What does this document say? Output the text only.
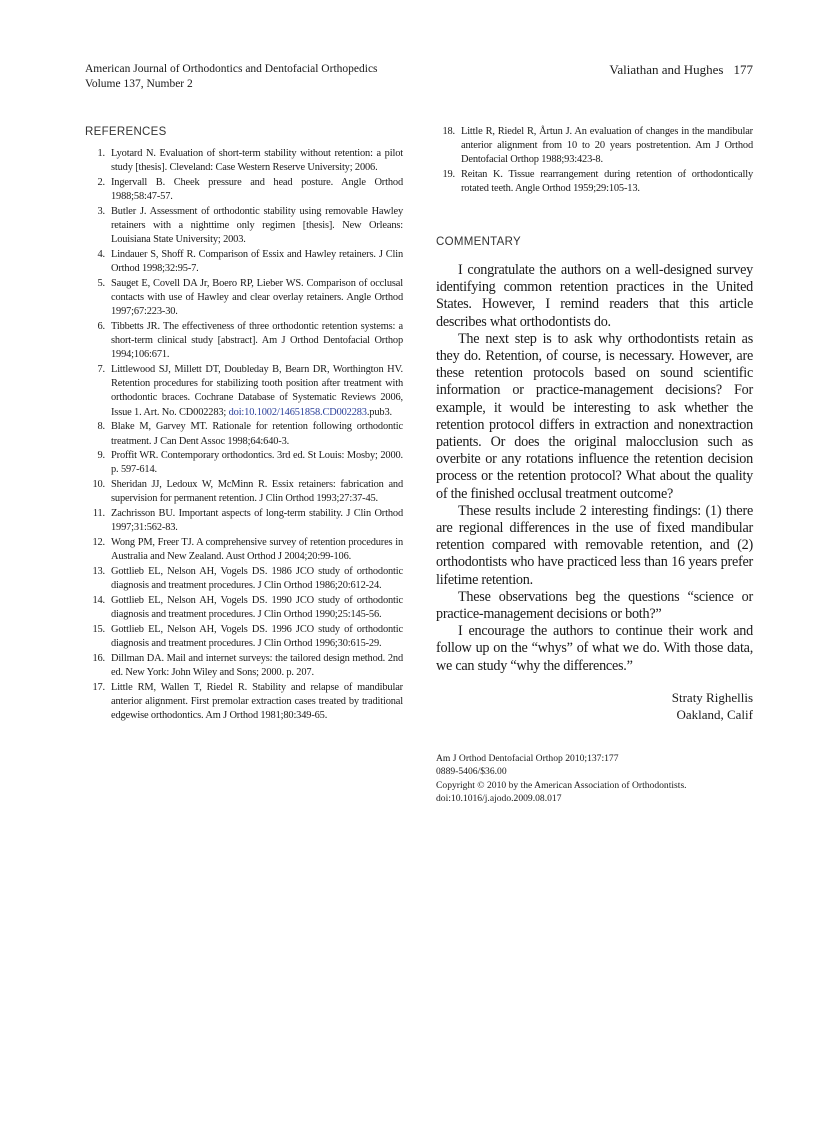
American Journal of Orthodontics and Dentofacial Orthopedics
Volume 137, Number 2
Valiathan and Hughes 177
REFERENCES
1. Lyotard N. Evaluation of short-term stability without retention: a pilot study [thesis]. Cleveland: Case Western Reserve University; 2006.
2. Ingervall B. Cheek pressure and head posture. Angle Orthod 1988;58:47-57.
3. Butler J. Assessment of orthodontic stability using removable Hawley retainers with a nighttime only regimen [thesis]. New Orleans: Louisiana State University; 2003.
4. Lindauer S, Shoff R. Comparison of Essix and Hawley retainers. J Clin Orthod 1998;32:95-7.
5. Sauget E, Covell DA Jr, Boero RP, Lieber WS. Comparison of occlusal contacts with use of Hawley and clear overlay retainers. Angle Orthod 1997;67:223-30.
6. Tibbetts JR. The effectiveness of three orthodontic retention systems: a short-term clinical study [abstract]. Am J Orthod Dentofacial Orthop 1994;106:671.
7. Littlewood SJ, Millett DT, Doubleday B, Bearn DR, Worthington HV. Retention procedures for stabilizing tooth position after treatment with orthodontic braces. Cochrane Database of Systematic Reviews 2006, Issue 1. Art. No. CD002283; doi:10.1002/14651858.CD002283.pub3.
8. Blake M, Garvey MT. Rationale for retention following orthodontic treatment. J Can Dent Assoc 1998;64:640-3.
9. Proffit WR. Contemporary orthodontics. 3rd ed. St Louis: Mosby; 2000. p. 597-614.
10. Sheridan JJ, Ledoux W, McMinn R. Essix retainers: fabrication and supervision for permanent retention. J Clin Orthod 1993;27:37-45.
11. Zachrisson BU. Important aspects of long-term stability. J Clin Orthod 1997;31:562-83.
12. Wong PM, Freer TJ. A comprehensive survey of retention procedures in Australia and New Zealand. Aust Orthod J 2004;20:99-106.
13. Gottlieb EL, Nelson AH, Vogels DS. 1986 JCO study of orthodontic diagnosis and treatment procedures. J Clin Orthod 1986;20:612-24.
14. Gottlieb EL, Nelson AH, Vogels DS. 1990 JCO study of orthodontic diagnosis and treatment procedures. J Clin Orthod 1990;25:145-56.
15. Gottlieb EL, Nelson AH, Vogels DS. 1996 JCO study of orthodontic diagnosis and treatment procedures. J Clin Orthod 1996;30:615-29.
16. Dillman DA. Mail and internet surveys: the tailored design method. 2nd ed. New York: John Wiley and Sons; 2000. p. 207.
17. Little RM, Wallen T, Riedel R. Stability and relapse of mandibular anterior alignment. First premolar extraction cases treated by traditional edgewise orthodontics. Am J Orthod 1981;80:349-65.
18. Little R, Riedel R, Årtun J. An evaluation of changes in the mandibular anterior alignment from 10 to 20 years postretention. Am J Orthod Dentofacial Orthop 1988;93:423-8.
19. Reitan K. Tissue rearrangement during retention of orthodontically rotated teeth. Angle Orthod 1959;29:105-13.
COMMENTARY

I congratulate the authors on a well-designed survey identifying common retention practices in the United States. However, I remind readers that this article describes what orthodontists do.

The next step is to ask why orthodontists retain as they do. Retention, of course, is necessary. However, are these retention protocols based on sound scientific information or practice-management decisions? For example, it would be interesting to ask whether the retention protocol differs in extraction and nonextraction patients. Or does the original malocclusion such as overbite or any rotations influence the retention decision process or the retention protocol? What about the quality of the finished occlusal treatment outcome?

These results include 2 interesting findings: (1) there are regional differences in the use of fixed mandibular retention compared with removable retention, and (2) orthodontists who have practiced less than 16 years prefer lifetime retention.

These observations beg the questions “science or practice-management decisions or both?”

I encourage the authors to continue their work and follow up on the “whys” of what we do. With those data, we can study “why the differences.”

Straty Righellis
Oakland, Calif
Am J Orthod Dentofacial Orthop 2010;137:177
0889-5406/$36.00
Copyright © 2010 by the American Association of Orthodontists.
doi:10.1016/j.ajodo.2009.08.017
